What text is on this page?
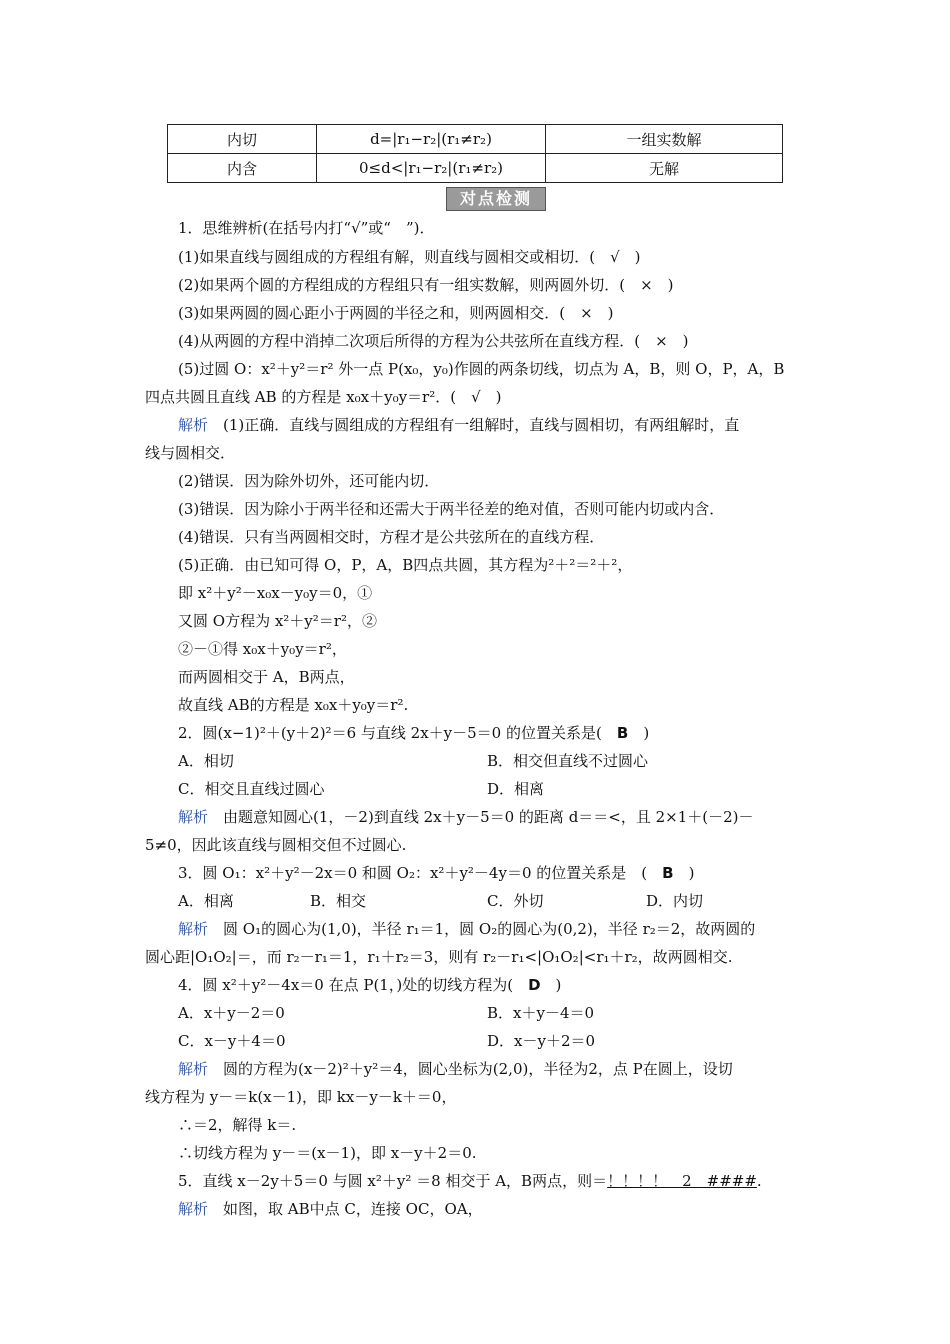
内切	d=|r₁−r₂|(r₁≠r₂)	一组实数解
内含	0≤d<|r₁−r₂|(r₁≠r₂)	无解
对点检测
1．思维辨析(在括号内打“√”或“　”)．
(1)如果直线与圆组成的方程组有解，则直线与圆相交或相切．(　√　)
(2)如果两个圆的方程组成的方程组只有一组实数解，则两圆外切．(　×　)
(3)如果两圆的圆心距小于两圆的半径之和，则两圆相交．(　×　)
(4)从两圆的方程中消掉二次项后所得的方程为公共弦所在直线方程．(　×　)
(5)过圆 O：x²＋y²＝r² 外一点 P(x₀，y₀)作圆的两条切线，切点为 A，B，则 O，P，A，B
四点共圆且直线 AB 的方程是 x₀x＋y₀y＝r²．(　√　)
解析　 (1)正确．直线与圆组成的方程组有一组解时，直线与圆相切，有两组解时，直
线与圆相交．
(2)错误．因为除外切外，还可能内切．
(3)错误．因为除小于两半径和还需大于两半径差的绝对值，否则可能内切或内含．
(4)错误．只有当两圆相交时，方程才是公共弦所在的直线方程．
(5)正确．由已知可得 O，P，A，B四点共圆，其方程为²＋²＝²＋²，
即 x²＋y²－x₀x－y₀y＝0，①
又圆 O方程为 x²＋y²＝r²，②
②－①得 x₀x＋y₀y＝r²，
而两圆相交于 A，B两点，
故直线 AB的方程是 x₀x＋y₀y＝r².
2．圆(x−1)²＋(y＋2)²＝6 与直线 2x＋y－5＝0 的位置关系是(　 B　 )
A．相切	B．相交但直线不过圆心
C．相交且直线过圆心	D．相离
解析　 由题意知圆心(1，－2)到直线 2x＋y－5＝0 的距离 d＝＝<，且 2×1＋(－2)－
5≠0，因此该直线与圆相交但不过圆心.
3．圆 O₁：x²＋y²－2x＝0 和圆 O₂：x²＋y²－4y＝0 的位置关系是　(　 B　 )
A．相离	B．相交	C．外切	D．内切
解析　 圆 O₁的圆心为(1,0)，半径 r₁＝1，圆 O₂的圆心为(0,2)，半径 r₂＝2，故两圆的
圆心距|O₁O₂|＝，而 r₂－r₁＝1，r₁＋r₂＝3，则有 r₂－r₁<|O₁O₂|<r₁＋r₂，故两圆相交.
4．圆 x²＋y²－4x＝0 在点 P(1，)处的切线方程为(　 D　 )
A．x＋y－2＝0	B．x＋y－4＝0
C．x－y＋4＝0	D．x－y＋2＝0
解析　 圆的方程为(x－2)²＋y²＝4，圆心坐标为(2,0)，半径为2，点 P在圆上，设切
线方程为 y－＝k(x－1)，即 kx－y－k＋＝0，
∴＝2，解得 k＝.
∴切线方程为 y－＝(x－1)，即 x－y＋2＝0.
5．直线 x－2y＋5＝0 与圆 x²＋y² ＝8 相交于 A，B两点，则＝！！！！　2　####.
解析　 如图，取 AB中点 C，连接 OC，OA，
